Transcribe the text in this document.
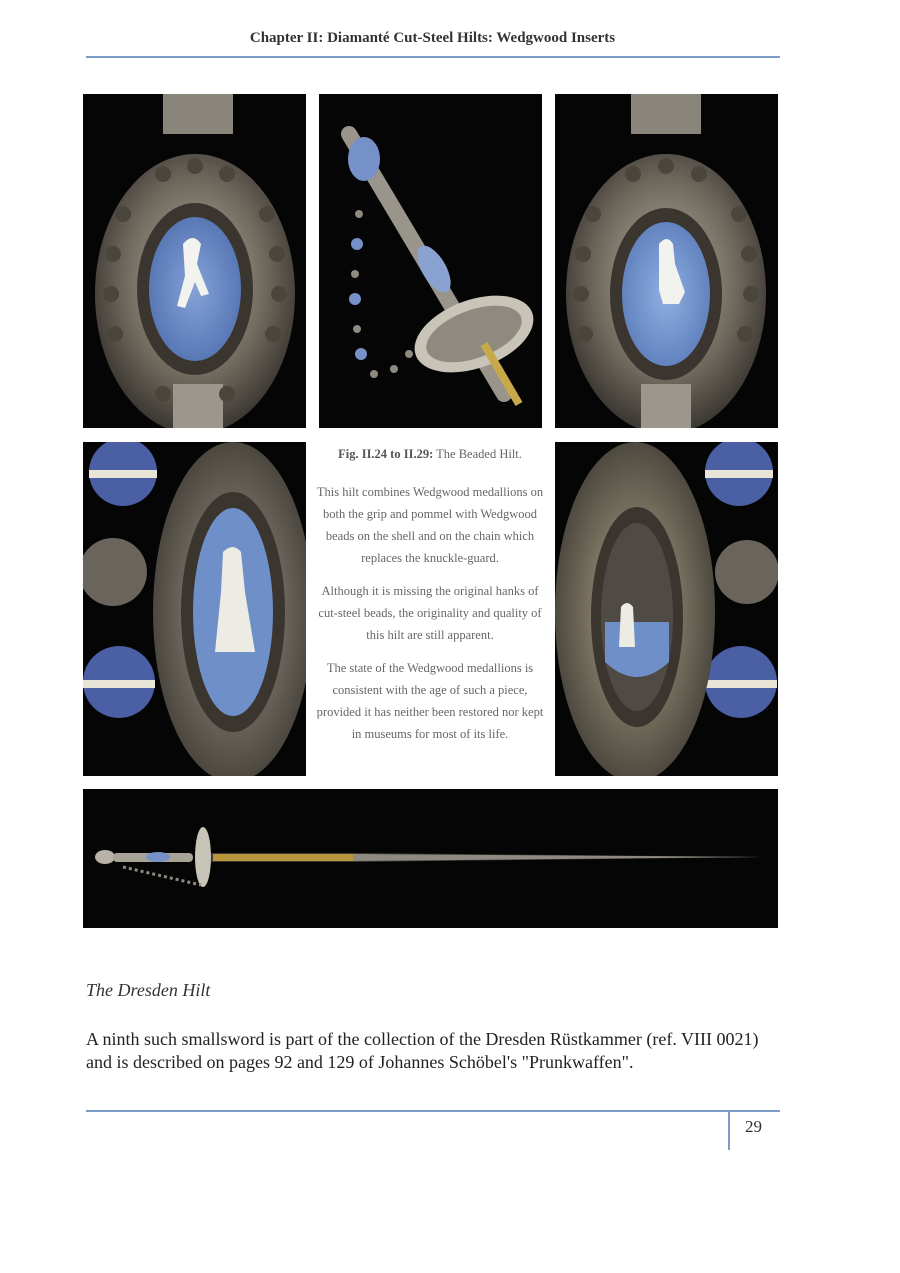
Chapter II: Diamanté Cut-Steel Hilts: Wedgwood Inserts

Fig. II.24 to II.29: The Beaded Hilt.

This hilt combines Wedgwood medallions on both the grip and pommel with Wedgwood beads on the shell and on the chain which replaces the knuckle-guard.

Although it is missing the original hanks of cut-steel beads, the originality and quality of this hilt are still apparent.

The state of the Wedgwood medallions is consistent with the age of such a piece, provided it has neither been restored nor kept in museums for most of its life.

The Dresden Hilt
A ninth such smallsword is part of the collection of the Dresden Rüstkammer (ref. VIII 0021) and is described on pages 92 and 129 of Johannes Schöbel's "Prunkwaffen".
29
